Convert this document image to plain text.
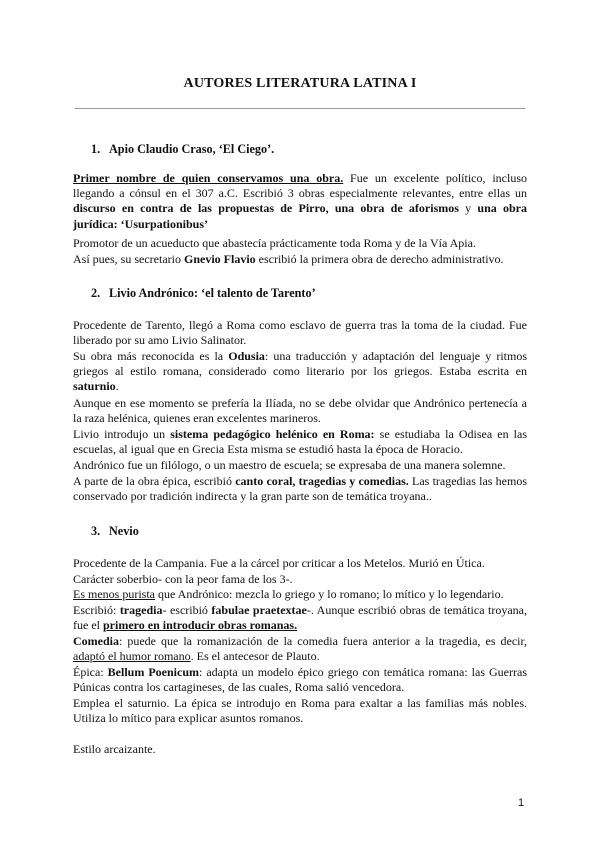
AUTORES LITERATURA LATINA I
1. Apio Claudio Craso, ‘El Ciego’.
Primer nombre de quien conservamos una obra. Fue un excelente político, incluso llegando a cónsul en el 307 a.C. Escribió 3 obras especialmente relevantes, entre ellas un discurso en contra de las propuestas de Pirro, una obra de aforismos y una obra jurídica: ‘Usurpationibus’
Promotor de un acueducto que abastecía prácticamente toda Roma y de la Vía Apia.
Así pues, su secretario Gnevio Flavio escribió la primera obra de derecho administrativo.
2. Livio Andrónico: ‘el talento de Tarento’
Procedente de Tarento, llegó a Roma como esclavo de guerra tras la toma de la ciudad. Fue liberado por su amo Livio Salinator.
Su obra más reconocida es la Odusia: una traducción y adaptación del lenguaje y ritmos griegos al estilo romana, considerado como literario por los griegos. Estaba escrita en saturnio.
Aunque en ese momento se prefería la Ilíada, no se debe olvidar que Andrónico pertenecía a la raza helénica, quienes eran excelentes marineros.
Livio introdujo un sistema pedagógico helénico en Roma: se estudiaba la Odisea en las escuelas, al igual que en Grecia Esta misma se estudió hasta la época de Horacio.
Andrónico fue un filólogo, o un maestro de escuela; se expresaba de una manera solemne.
A parte de la obra épica, escribió canto coral, tragedias y comedias. Las tragedias las hemos conservado por tradición indirecta y la gran parte son de temática troyana..
3. Nevio
Procedente de la Campania. Fue a la cárcel por criticar a los Metelos. Murió en Útica.
Carácter soberbio- con la peor fama de los 3-.
Es menos purista que Andrónico: mezcla lo griego y lo romano; lo mítico y lo legendario.
Escribió: tragedia- escribió fabulae praetextae-. Aunque escribió obras de temática troyana, fue el primero en introducir obras romanas.
Comedia: puede que la romanización de la comedia fuera anterior a la tragedia, es decir, adaptó el humor romano. Es el antecesor de Plauto.
Épica: Bellum Poenicum: adapta un modelo épico griego con temática romana: las Guerras Púnicas contra los cartagineses, de las cuales, Roma salió vencedora.
Emplea el saturnio. La épica se introdujo en Roma para exaltar a las familias más nobles. Utiliza lo mítico para explicar asuntos romanos.
Estilo arcaizante.
1
